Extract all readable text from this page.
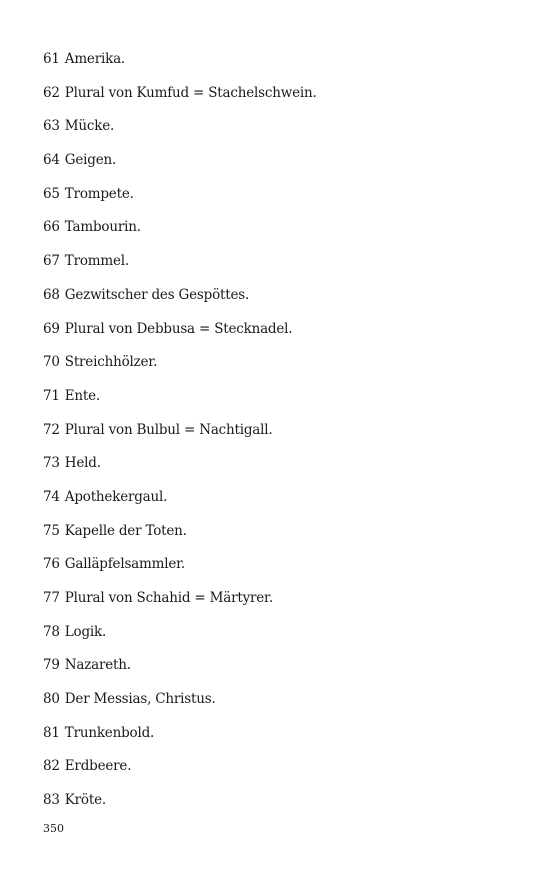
61 Amerika.
62 Plural von Kumfud = Stachelschwein.
63 Mücke.
64 Geigen.
65 Trompete.
66 Tambourin.
67 Trommel.
68 Gezwitscher des Gespöttes.
69 Plural von Debbusa = Stecknadel.
70 Streichhölzer.
71 Ente.
72 Plural von Bulbul = Nachtigall.
73 Held.
74 Apothekergaul.
75 Kapelle der Toten.
76 Galläpfelsammler.
77 Plural von Schahid = Märtyrer.
78 Logik.
79 Nazareth.
80 Der Messias, Christus.
81 Trunkenbold.
82 Erdbeere.
83 Kröte.
350
